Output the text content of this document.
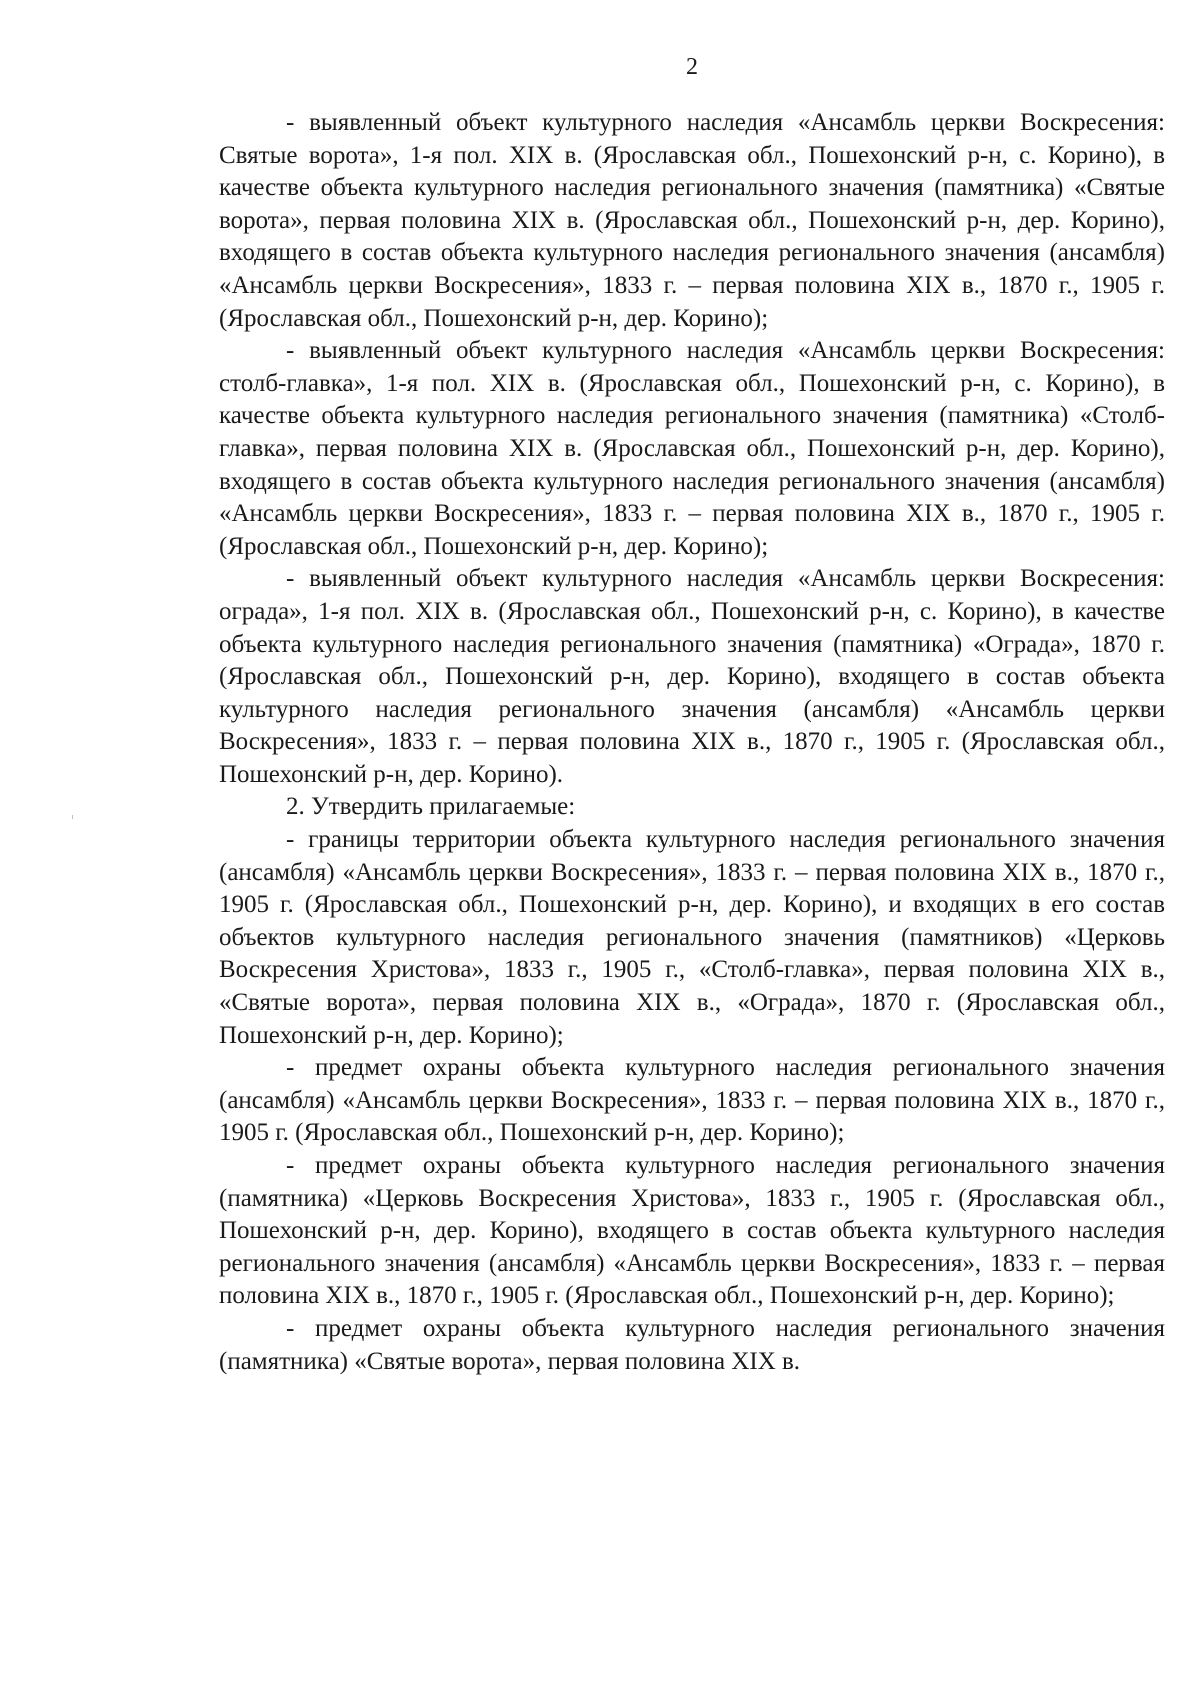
2

- выявленный объект культурного наследия «Ансамбль церкви Воскресения: Святые ворота», 1-я пол. XIX в. (Ярославская обл., Пошехонский р-н, с. Корино), в качестве объекта культурного наследия регионального значения (памятника) «Святые ворота», первая половина XIX в. (Ярославская обл., Пошехонский р-н, дер. Корино), входящего в состав объекта культурного наследия регионального значения (ансамбля) «Ансамбль церкви Воскресения», 1833 г. – первая половина XIX в., 1870 г., 1905 г. (Ярославская обл., Пошехонский р-н, дер. Корино);

- выявленный объект культурного наследия «Ансамбль церкви Воскресения: столб-главка», 1-я пол. XIX в. (Ярославская обл., Пошехонский р-н, с. Корино), в качестве объекта культурного наследия регионального значения (памятника) «Столб-главка», первая половина XIX в. (Ярославская обл., Пошехонский р-н, дер. Корино), входящего в состав объекта культурного наследия регионального значения (ансамбля) «Ансамбль церкви Воскресения», 1833 г. – первая половина XIX в., 1870 г., 1905 г. (Ярославская обл., Пошехонский р-н, дер. Корино);

- выявленный объект культурного наследия «Ансамбль церкви Воскресения: ограда», 1-я пол. XIX в. (Ярославская обл., Пошехонский р-н, с. Корино), в качестве объекта культурного наследия регионального значения (памятника) «Ограда», 1870 г. (Ярославская обл., Пошехонский р-н, дер. Корино), входящего в состав объекта культурного наследия регионального значения (ансамбля) «Ансамбль церкви Воскресения», 1833 г. – первая половина XIX в., 1870 г., 1905 г. (Ярославская обл., Пошехонский р-н, дер. Корино).

2. Утвердить прилагаемые:

- границы территории объекта культурного наследия регионального значения (ансамбля) «Ансамбль церкви Воскресения», 1833 г. – первая половина XIX в., 1870 г., 1905 г. (Ярославская обл., Пошехонский р-н, дер. Корино), и входящих в его состав объектов культурного наследия регионального значения (памятников) «Церковь Воскресения Христова», 1833 г., 1905 г., «Столб-главка», первая половина XIX в., «Святые ворота», первая половина XIX в., «Ограда», 1870 г. (Ярославская обл., Пошехонский р-н, дер. Корино);

- предмет охраны объекта культурного наследия регионального значения (ансамбля) «Ансамбль церкви Воскресения», 1833 г. – первая половина XIX в., 1870 г., 1905 г. (Ярославская обл., Пошехонский р-н, дер. Корино);

- предмет охраны объекта культурного наследия регионального значения (памятника) «Церковь Воскресения Христова», 1833 г., 1905 г. (Ярославская обл., Пошехонский р-н, дер. Корино), входящего в состав объекта культурного наследия регионального значения (ансамбля) «Ансамбль церкви Воскресения», 1833 г. – первая половина XIX в., 1870 г., 1905 г. (Ярославская обл., Пошехонский р-н, дер. Корино);

- предмет охраны объекта культурного наследия регионального значения (памятника) «Святые ворота», первая половина XIX в.
